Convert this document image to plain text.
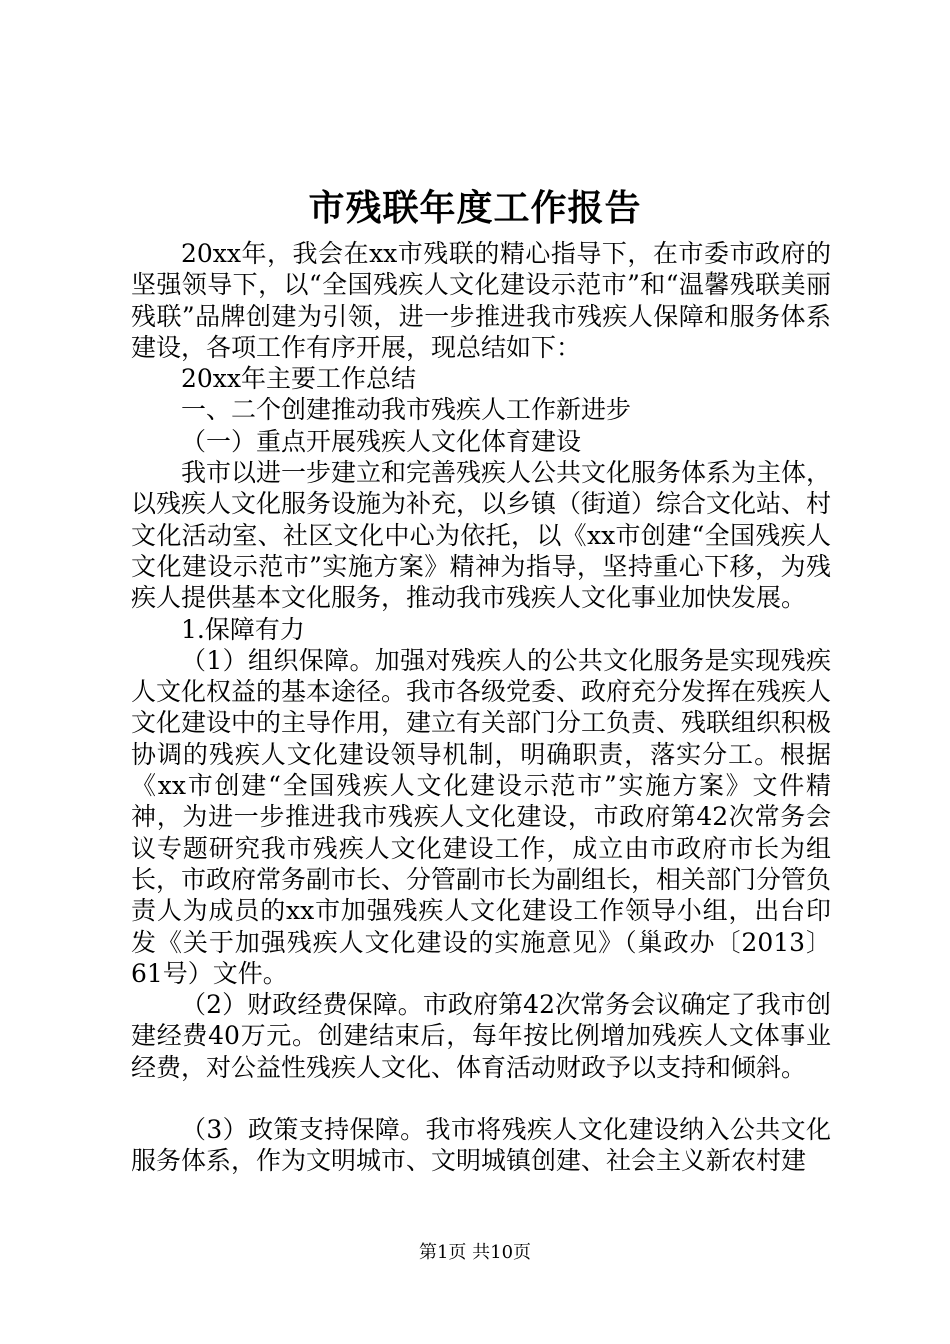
市残联年度工作报告

20xx年，我会在xx市残联的精心指导下，在市委市政府的坚强领导下，以“全国残疾人文化建设示范市”和“温馨残联美丽残联”品牌创建为引领，进一步推进我市残疾人保障和服务体系建设，各项工作有序开展，现总结如下：

20xx年主要工作总结

一、二个创建推动我市残疾人工作新进步

（一）重点开展残疾人文化体育建设

我市以进一步建立和完善残疾人公共文化服务体系为主体，以残疾人文化服务设施为补充，以乡镇（街道）综合文化站、村文化活动室、社区文化中心为依托，以《xx市创建“全国残疾人文化建设示范市”实施方案》精神为指导，坚持重心下移，为残疾人提供基本文化服务，推动我市残疾人文化事业加快发展。

1.保障有力

（1）组织保障。加强对残疾人的公共文化服务是实现残疾人文化权益的基本途径。我市各级党委、政府充分发挥在残疾人文化建设中的主导作用，建立有关部门分工负责、残联组织积极协调的残疾人文化建设领导机制，明确职责，落实分工。根据《xx市创建“全国残疾人文化建设示范市”实施方案》文件精神，为进一步推进我市残疾人文化建设，市政府第42次常务会议专题研究我市残疾人文化建设工作，成立由市政府市长为组长，市政府常务副市长、分管副市长为副组长，相关部门分管负责人为成员的xx市加强残疾人文化建设工作领导小组，出台印发《关于加强残疾人文化建设的实施意见》（巢政办〔2013〕61号）文件。

（2）财政经费保障。市政府第42次常务会议确定了我市创建经费40万元。创建结束后，每年按比例增加残疾人文体事业经费，对公益性残疾人文化、体育活动财政予以支持和倾斜。

（3）政策支持保障。我市将残疾人文化建设纳入公共文化服务体系，作为文明城市、文明城镇创建、社会主义新农村建

第1页 共10页
